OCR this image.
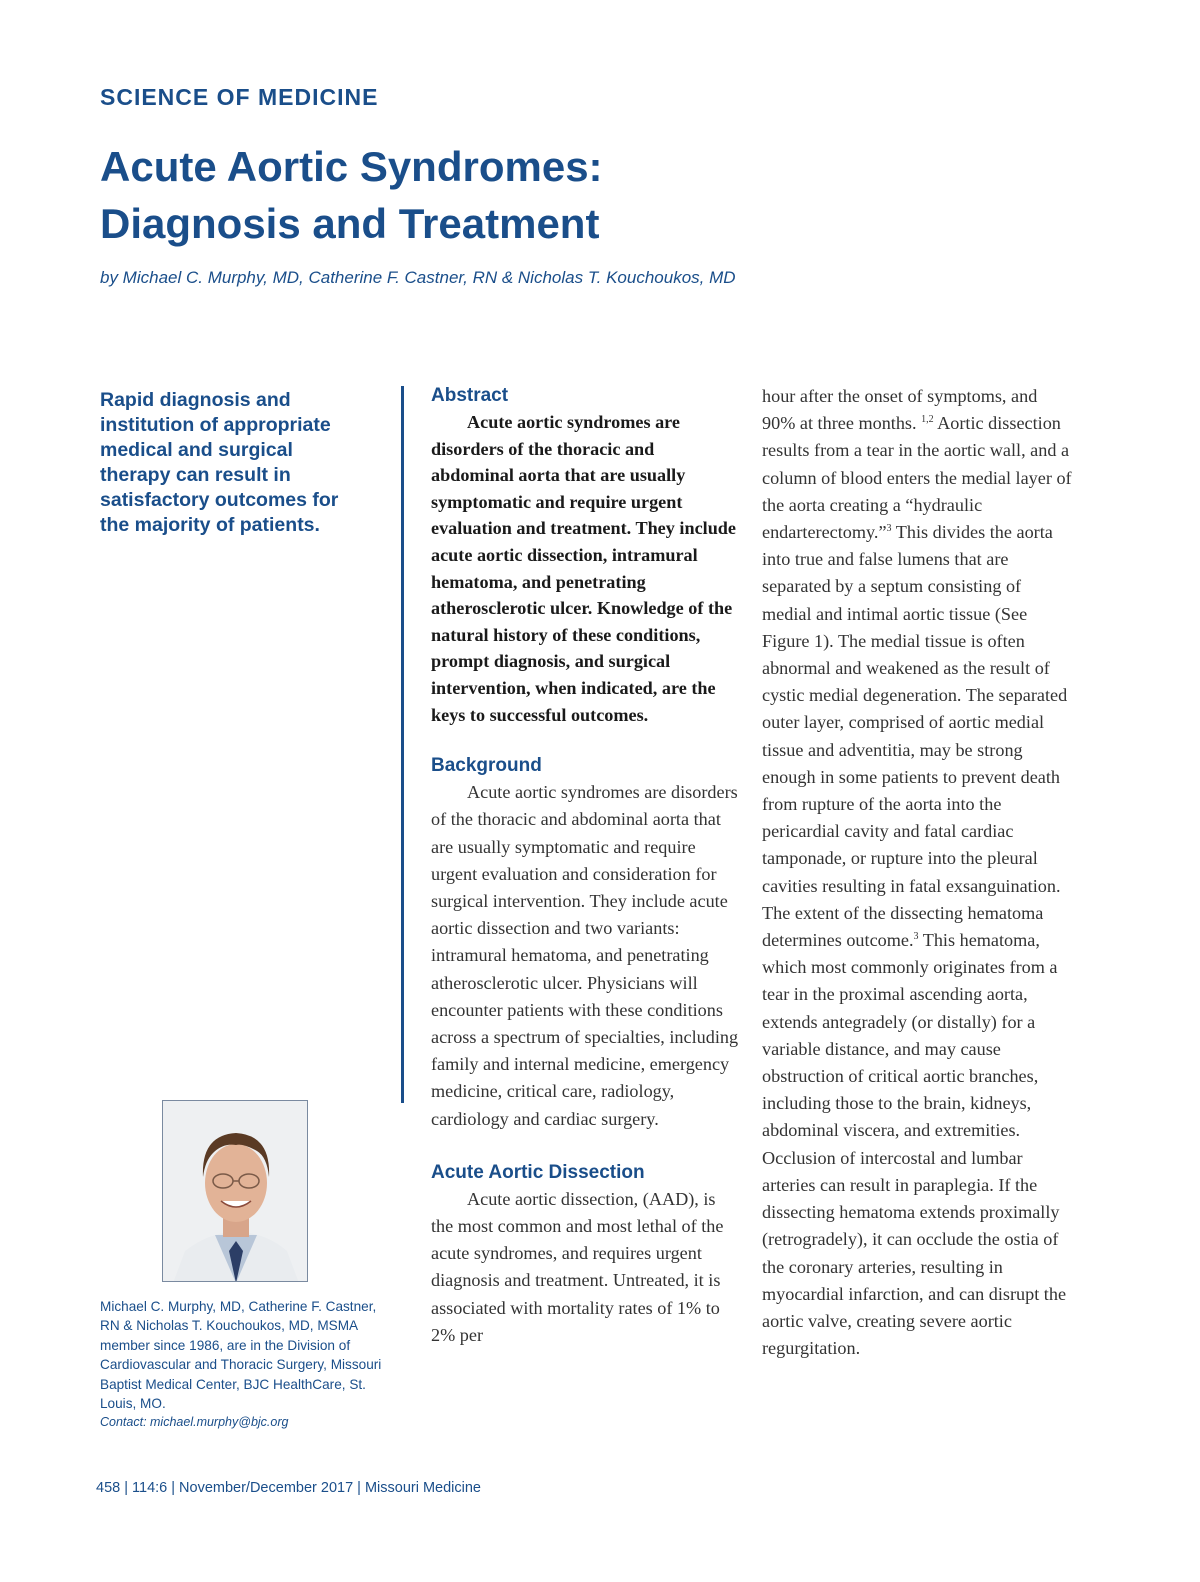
SCIENCE OF MEDICINE
Acute Aortic Syndromes:
Diagnosis and Treatment
by Michael C. Murphy, MD, Catherine F. Castner, RN & Nicholas T. Kouchoukos, MD
Rapid diagnosis and institution of appropriate medical and surgical therapy can result in satisfactory outcomes for the majority of patients.
Michael C. Murphy, MD, Catherine F. Castner, RN & Nicholas T. Kouchoukos, MD, MSMA member since 1986, are in the Division of Cardiovascular and Thoracic Surgery, Missouri Baptist Medical Center, BJC HealthCare, St. Louis, MO.
Contact: michael.murphy@bjc.org
Abstract

Acute aortic syndromes are disorders of the thoracic and abdominal aorta that are usually symptomatic and require urgent evaluation and treatment. They include acute aortic dissection, intramural hematoma, and penetrating atherosclerotic ulcer. Knowledge of the natural history of these conditions, prompt diagnosis, and surgical intervention, when indicated, are the keys to successful outcomes.

Background

Acute aortic syndromes are disorders of the thoracic and abdominal aorta that are usually symptomatic and require urgent evaluation and consideration for surgical intervention. They include acute aortic dissection and two variants: intramural hematoma, and penetrating atherosclerotic ulcer. Physicians will encounter patients with these conditions across a spectrum of specialties, including family and internal medicine, emergency medicine, critical care, radiology, cardiology and cardiac surgery.

Acute Aortic Dissection

Acute aortic dissection, (AAD), is the most common and most lethal of the acute syndromes, and requires urgent diagnosis and treatment. Untreated, it is associated with mortality rates of 1% to 2% per

hour after the onset of symptoms, and 90% at three months. $^{1,2}$ Aortic dissection results from a tear in the aortic wall, and a column of blood enters the medial layer of the aorta creating a “hydraulic endarterectomy.”$^3$ This divides the aorta into true and false lumens that are separated by a septum consisting of medial and intimal aortic tissue (See Figure 1). The medial tissue is often abnormal and weakened as the result of cystic medial degeneration. The separated outer layer, comprised of aortic medial tissue and adventitia, may be strong enough in some patients to prevent death from rupture of the aorta into the pericardial cavity and fatal cardiac tamponade, or rupture into the pleural cavities resulting in fatal exsanguination. The extent of the dissecting hematoma determines outcome.$^3$ This hematoma, which most commonly originates from a tear in the proximal ascending aorta, extends antegradely (or distally) for a variable distance, and may cause obstruction of critical aortic branches, including those to the brain, kidneys, abdominal viscera, and extremities. Occlusion of intercostal and lumbar arteries can result in paraplegia. If the dissecting hematoma extends proximally (retrogradely), it can occlude the ostia of the coronary arteries, resulting in myocardial infarction, and can disrupt the aortic valve, creating severe aortic regurgitation.

458 | 114:6 | November/December 2017 | Missouri Medicine
